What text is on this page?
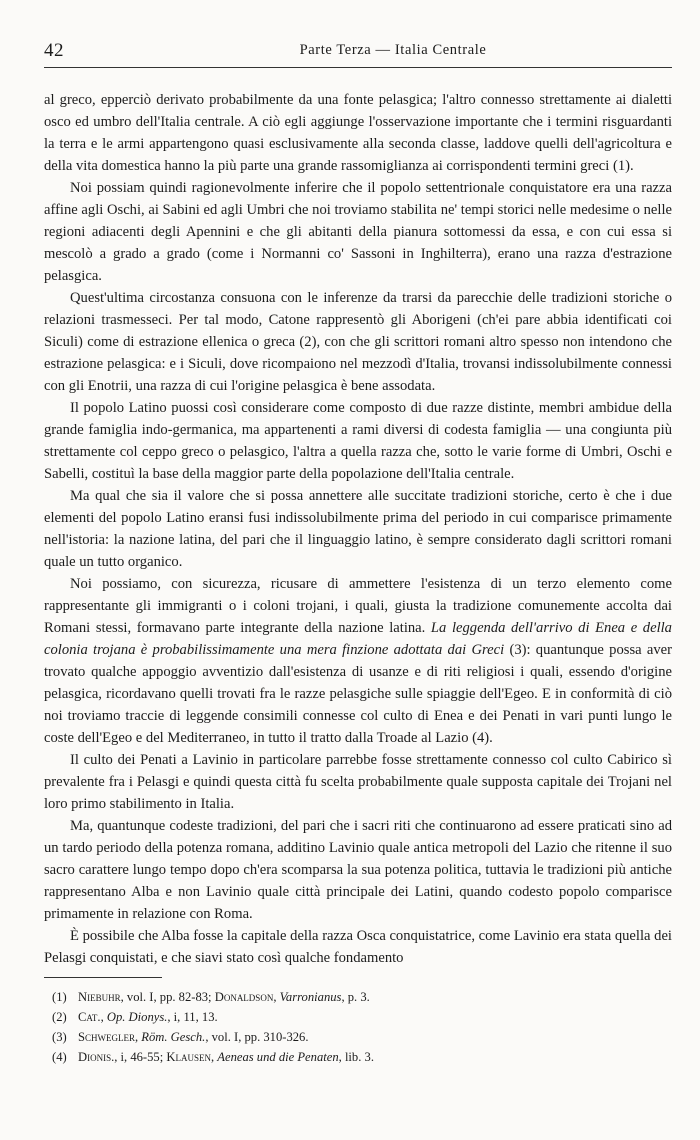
42	Parte Terza — Italia Centrale

al greco, epperciò derivato probabilmente da una fonte pelasgica; l'altro connesso strettamente ai dialetti osco ed umbro dell'Italia centrale. A ciò egli aggiunge l'osservazione importante che i termini risguardanti la terra e le armi appartengono quasi esclusivamente alla seconda classe, laddove quelli dell'agricoltura e della vita domestica hanno la più parte una grande rassomiglianza ai corrispondenti termini greci (1).

Noi possiam quindi ragionevolmente inferire che il popolo settentrionale conquistatore era una razza affine agli Oschi, ai Sabini ed agli Umbri che noi troviamo stabilita ne' tempi storici nelle medesime o nelle regioni adiacenti degli Apennini e che gli abitanti della pianura sottomessi da essa, e con cui essa si mescolò a grado a grado (come i Normanni co' Sassoni in Inghilterra), erano una razza d'estrazione pelasgica.

Quest'ultima circostanza consuona con le inferenze da trarsi da parecchie delle tradizioni storiche o relazioni trasmesseci. Per tal modo, Catone rappresentò gli Aborigeni (ch'ei pare abbia identificati coi Siculi) come di estrazione ellenica o greca (2), con che gli scrittori romani altro spesso non intendono che estrazione pelasgica: e i Siculi, dove ricompaiono nel mezzodì d'Italia, trovansi indissolubilmente connessi con gli Enotrii, una razza di cui l'origine pelasgica è bene assodata.

Il popolo Latino puossi così considerare come composto di due razze distinte, membri ambidue della grande famiglia indo-germanica, ma appartenenti a rami diversi di codesta famiglia — una congiunta più strettamente col ceppo greco o pelasgico, l'altra a quella razza che, sotto le varie forme di Umbri, Oschi e Sabelli, costituì la base della maggior parte della popolazione dell'Italia centrale.

Ma qual che sia il valore che si possa annettere alle succitate tradizioni storiche, certo è che i due elementi del popolo Latino eransi fusi indissolubilmente prima del periodo in cui comparisce primamente nell'istoria: la nazione latina, del pari che il linguaggio latino, è sempre considerato dagli scrittori romani quale un tutto organico.

Noi possiamo, con sicurezza, ricusare di ammettere l'esistenza di un terzo elemento come rappresentante gli immigranti o i coloni trojani, i quali, giusta la tradizione comunemente accolta dai Romani stessi, formavano parte integrante della nazione latina. La leggenda dell'arrivo di Enea e della colonia trojana è probabilissimamente una mera finzione adottata dai Greci (3): quantunque possa aver trovato qualche appoggio avventizio dall'esistenza di usanze e di riti religiosi i quali, essendo d'origine pelasgica, ricordavano quelli trovati fra le razze pelasgiche sulle spiaggie dell'Egeo. E in conformità di ciò noi troviamo traccie di leggende consimili connesse col culto di Enea e dei Penati in vari punti lungo le coste dell'Egeo e del Mediterraneo, in tutto il tratto dalla Troade al Lazio (4).

Il culto dei Penati a Lavinio in particolare parrebbe fosse strettamente connesso col culto Cabirico sì prevalente fra i Pelasgi e quindi questa città fu scelta probabilmente quale supposta capitale dei Trojani nel loro primo stabilimento in Italia.

Ma, quantunque codeste tradizioni, del pari che i sacri riti che continuarono ad essere praticati sino ad un tardo periodo della potenza romana, additino Lavinio quale antica metropoli del Lazio che ritenne il suo sacro carattere lungo tempo dopo ch'era scomparsa la sua potenza politica, tuttavia le tradizioni più antiche rappresentano Alba e non Lavinio quale città principale dei Latini, quando codesto popolo comparisce primamente in relazione con Roma.

È possibile che Alba fosse la capitale della razza Osca conquistatrice, come Lavinio era stata quella dei Pelasgi conquistati, e che siavi stato così qualche fondamento

(1) Niebuhr, vol. I, pp. 82-83; Donaldson, Varronianus, p. 3.

(2) Cat., Op. Dionys., i, 11, 13.

(3) Schwegler, Röm. Gesch., vol. I, pp. 310-326.

(4) Dionis., i, 46-55; Klausen, Aeneas und die Penaten, lib. 3.
